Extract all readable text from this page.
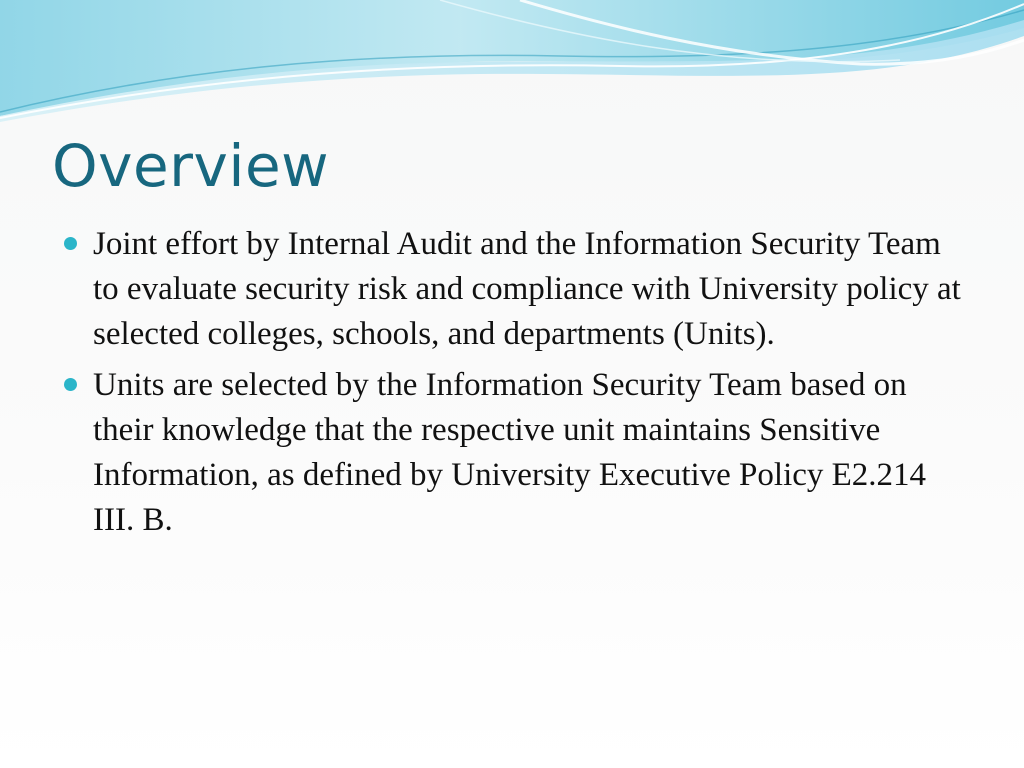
Overview
Joint effort by Internal Audit and the Information Security Team to evaluate security risk and compliance with University policy at selected colleges, schools, and departments (Units).
Units are selected by the Information Security Team based on their knowledge that the respective unit maintains Sensitive Information, as defined by University Executive Policy E2.214 III. B.
